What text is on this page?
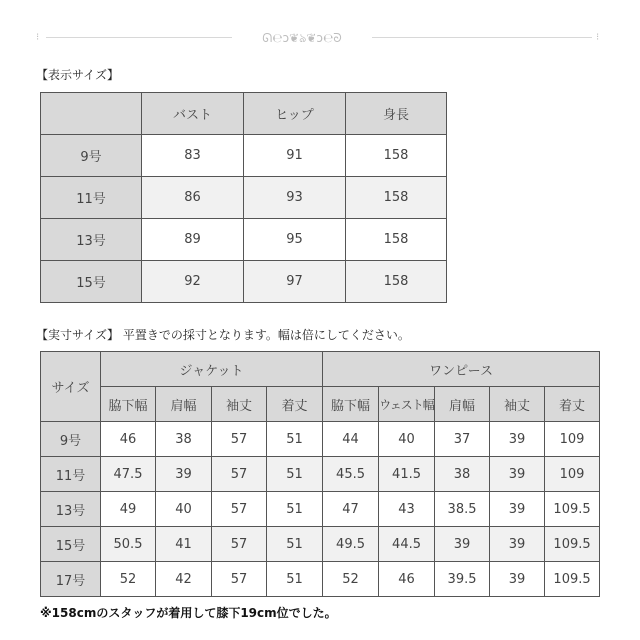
⁝	ᘏ℮ↄ❦ঌ❦ↄ℮ᘐ	⁝
【表示サイズ】
	バスト	ヒップ	身長
9号	83	91	158
11号	86	93	158
13号	89	95	158
15号	92	97	158
【実寸サイズ】 平置きでの採寸となります。幅は倍にしてください。
サイズ	ジャケット				ワンピース				
	脇下幅	肩幅	袖丈	着丈	脇下幅	ウェスト幅	肩幅	袖丈	着丈
9号	46	38	57	51	44	40	37	39	109
11号	47.5	39	57	51	45.5	41.5	38	39	109
13号	49	40	57	51	47	43	38.5	39	109.5
15号	50.5	41	57	51	49.5	44.5	39	39	109.5
17号	52	42	57	51	52	46	39.5	39	109.5
※158cmのスタッフが着用して膝下19cm位でした。
